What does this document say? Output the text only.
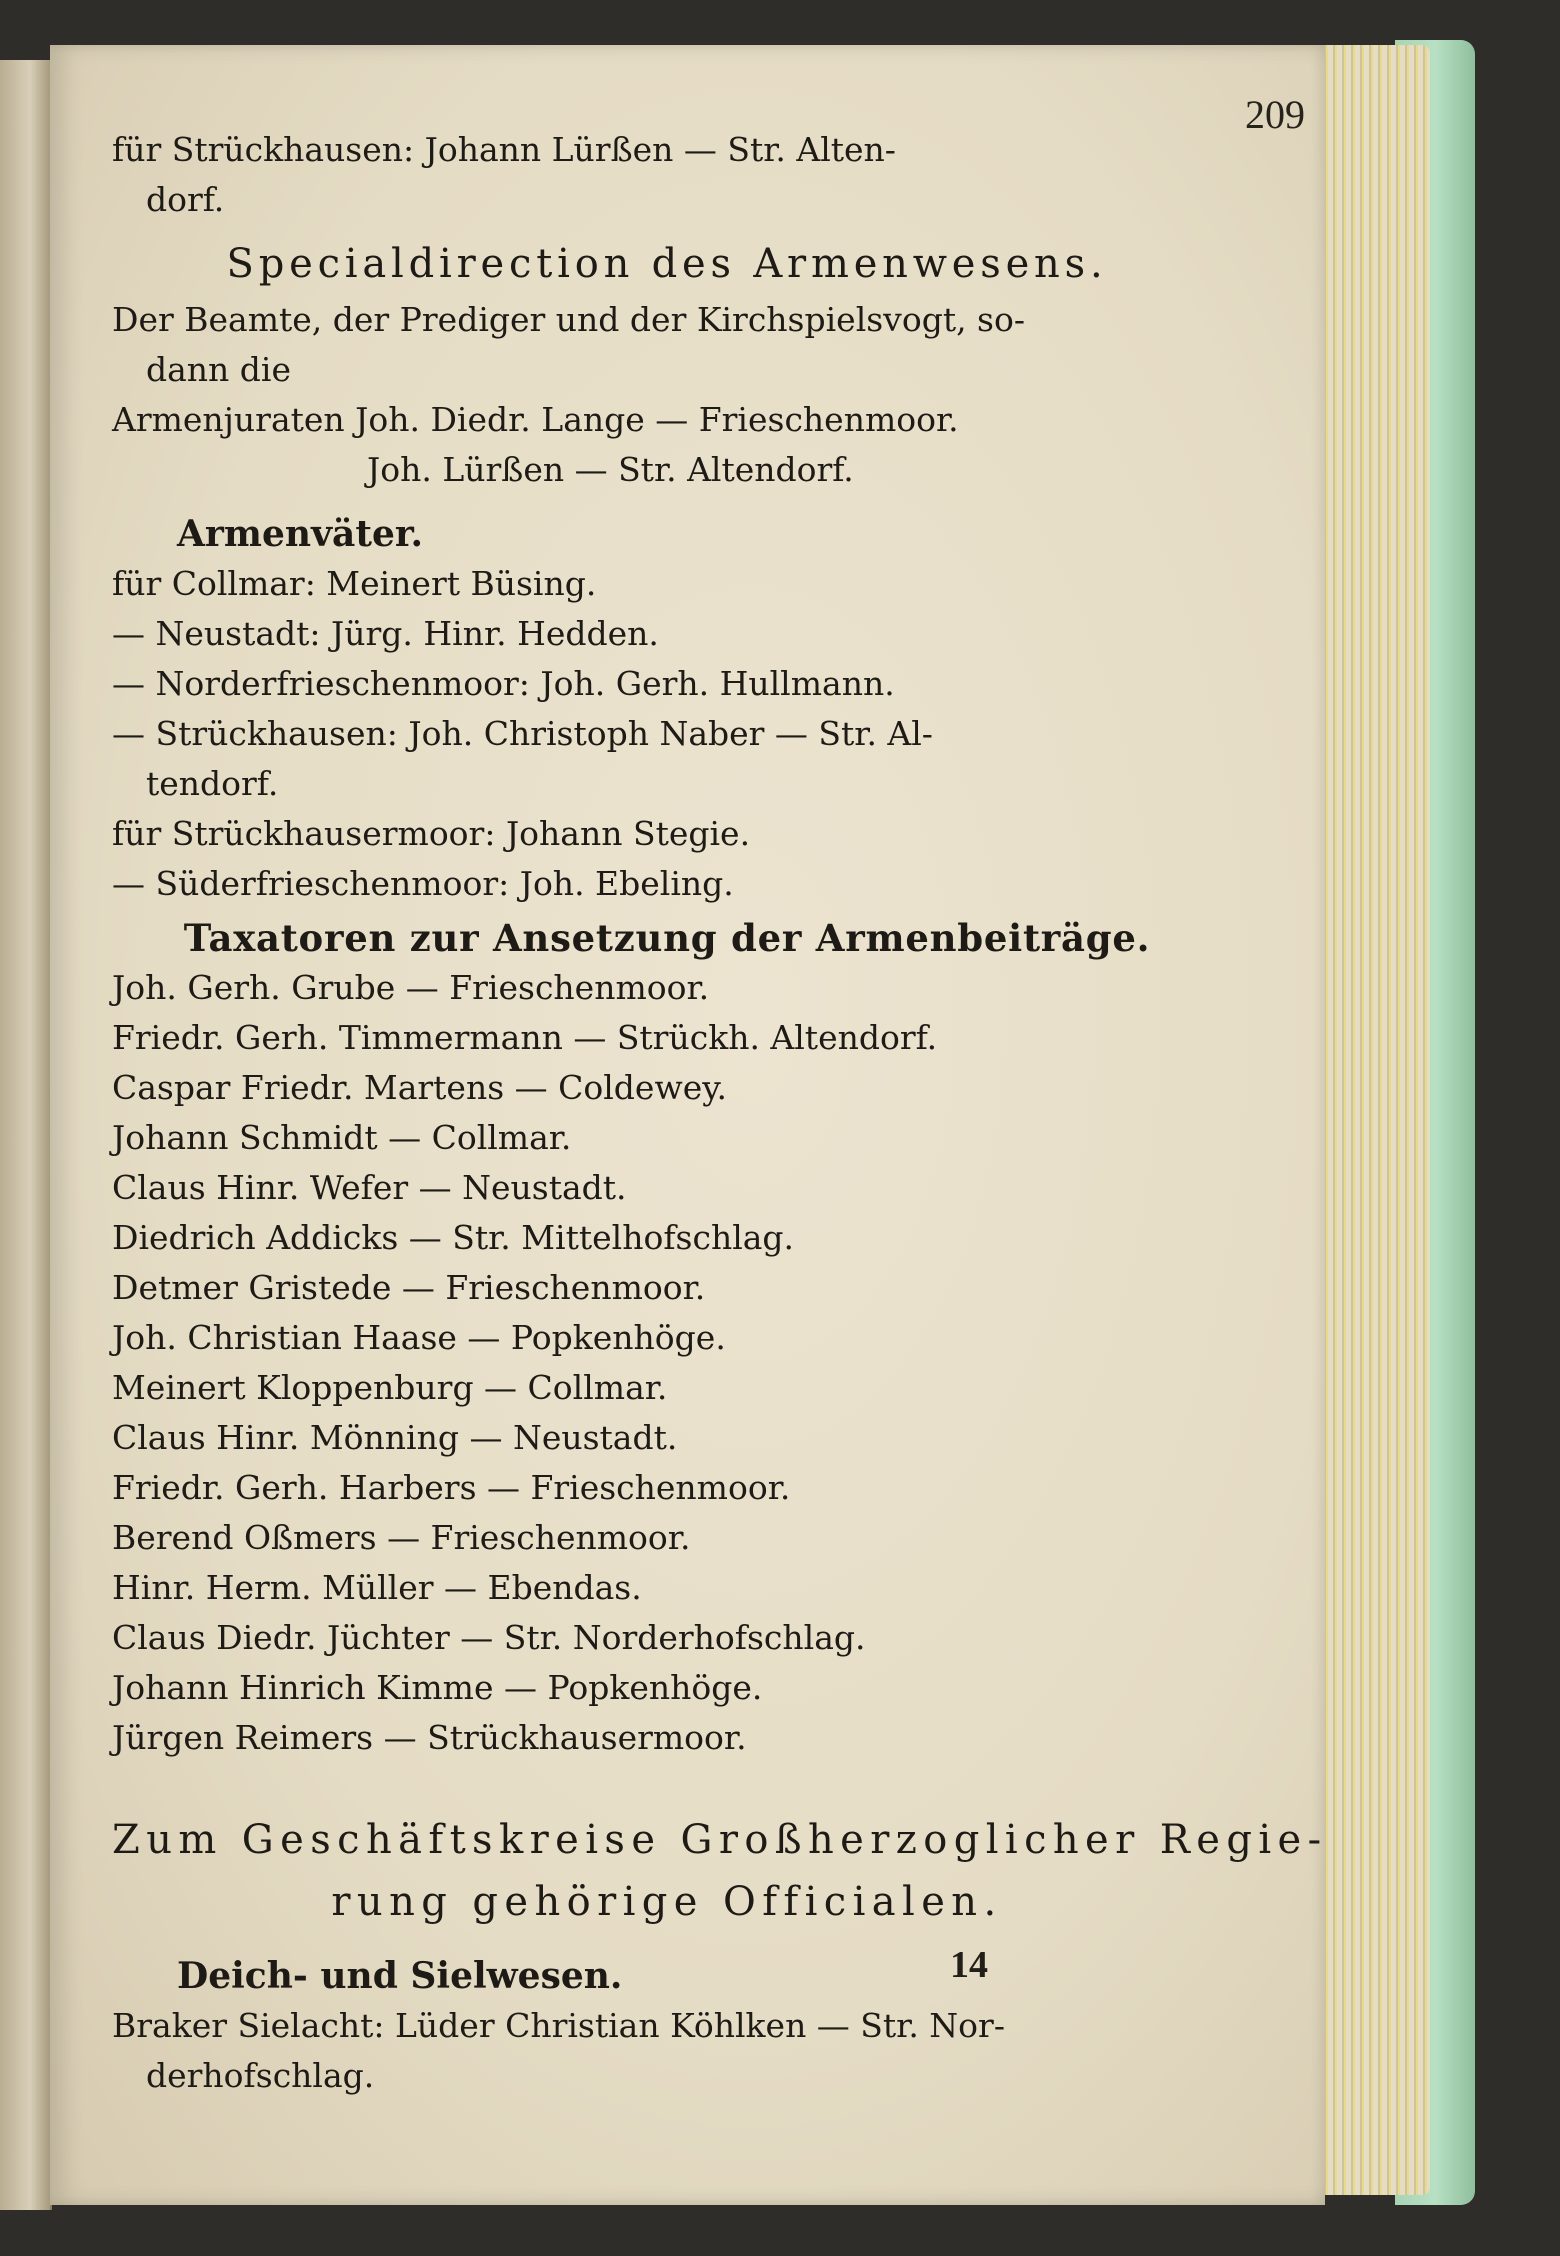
209
für Strückhausen: Johann Lürßen — Str. Alten-
dorf.
Specialdirection des Armenwesens.
Der Beamte, der Prediger und der Kirchspielsvogt, so-
dann die
Armenjuraten Joh. Diedr. Lange — Frieschenmoor.
Joh. Lürßen — Str. Altendorf.
Armenväter.
für Collmar: Meinert Büsing.
— Neustadt: Jürg. Hinr. Hedden.
— Norderfrieschenmoor: Joh. Gerh. Hullmann.
— Strückhausen: Joh. Christoph Naber — Str. Al-
tendorf.
für Strückhausermoor: Johann Stegie.
— Süderfrieschenmoor: Joh. Ebeling.
Taxatoren zur Ansetzung der Armenbeiträge.
Joh. Gerh. Grube — Frieschenmoor.
Friedr. Gerh. Timmermann — Strückh. Altendorf.
Caspar Friedr. Martens — Coldewey.
Johann Schmidt — Collmar.
Claus Hinr. Wefer — Neustadt.
Diedrich Addicks — Str. Mittelhofschlag.
Detmer Gristede — Frieschenmoor.
Joh. Christian Haase — Popkenhöge.
Meinert Kloppenburg — Collmar.
Claus Hinr. Mönning — Neustadt.
Friedr. Gerh. Harbers — Frieschenmoor.
Berend Oßmers — Frieschenmoor.
Hinr. Herm. Müller — Ebendas.
Claus Diedr. Jüchter — Str. Norderhofschlag.
Johann Hinrich Kimme — Popkenhöge.
Jürgen Reimers — Strückhausermoor.
Zum Geschäftskreise Großherzoglicher Regie-
rung gehörige Officialen.
Deich- und Sielwesen.
Braker Sielacht: Lüder Christian Köhlken — Str. Nor-
derhofschlag.
14
